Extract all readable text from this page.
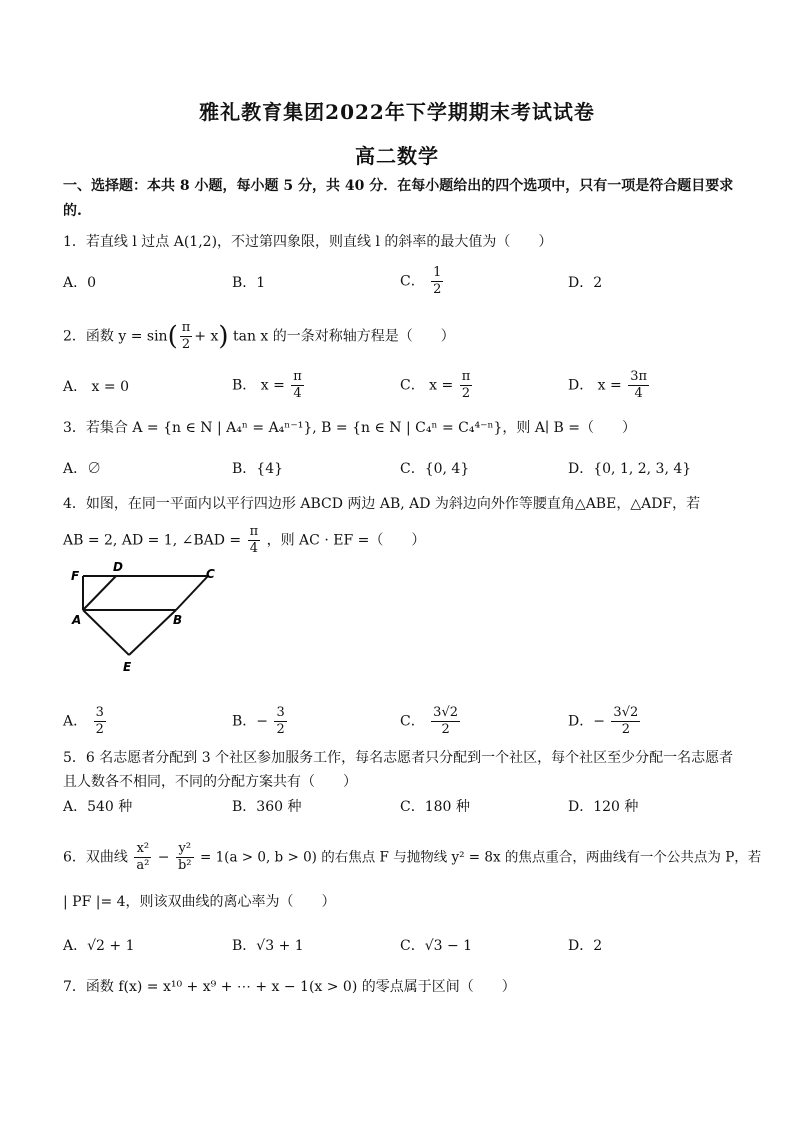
雅礼教育集团2022年下学期期末考试试卷
高二数学
一、选择题：本共 8 小题，每小题 5 分，共 40 分．在每小题给出的四个选项中，只有一项是符合题目要求
的.
1．若直线 l 过点 A(1,2)，不过第四象限，则直线 l 的斜率的最大值为（　　）
A．0	B．1	C． $\frac{1}{2}$	D．2
2．函数 $y = \sin( \frac{\pi}{2} + x)$ tan x 的一条对称轴方程是（　　）
A． x = 0	B． $x = \frac{\pi}{4}$	C． $x = \frac{\pi}{2}$	D． $x = \frac{3\pi}{4}$
3．若集合 A = {n ∈ N | A₄ⁿ = A₄ⁿ⁻¹}, B = {n ∈ N | C₄ⁿ = C₄⁴⁻ⁿ}，则 A∣ B =（　　）
A．∅	B．{4}	C．{0, 4}	D．{0, 1, 2, 3, 4}
4．如图，在同一平面内以平行四边形 ABCD 两边 AB, AD 为斜边向外作等腰直角△ABE，△ADF，若
AB = 2, AD = 1, ∠BAD = $\frac{\pi}{4}$ ，则 AC · EF =（　　）
F
D	C
A	B
E
A． $\frac{3}{2}$	B．− $\frac{3}{2}$	C． $\frac{3√2}{2}$	D．− $\frac{3√2}{2}$
5．6 名志愿者分配到 3 个社区参加服务工作，每名志愿者只分配到一个社区，每个社区至少分配一名志愿者
且人数各不相同，不同的分配方案共有（　　）
A．540 种	B．360 种	C．180 种	D．120 种
6．双曲线 $\frac{\text{x²}}{\text{a²}} - \frac{\text{y²}}{\text{b²}} = 1(a > 0$, b > 0) 的右焦点 F 与抛物线 y² = 8x 的焦点重合，两曲线有一个公共点为 P，若
| PF |= 4，则该双曲线的离心率为（　　）
A．√2 + 1	B．√3 + 1	C．√3 − 1	D．2
7．函数 f(x) = x¹⁰ + x⁹ + ⋯ + x − 1(x > 0) 的零点属于区间（　　）
